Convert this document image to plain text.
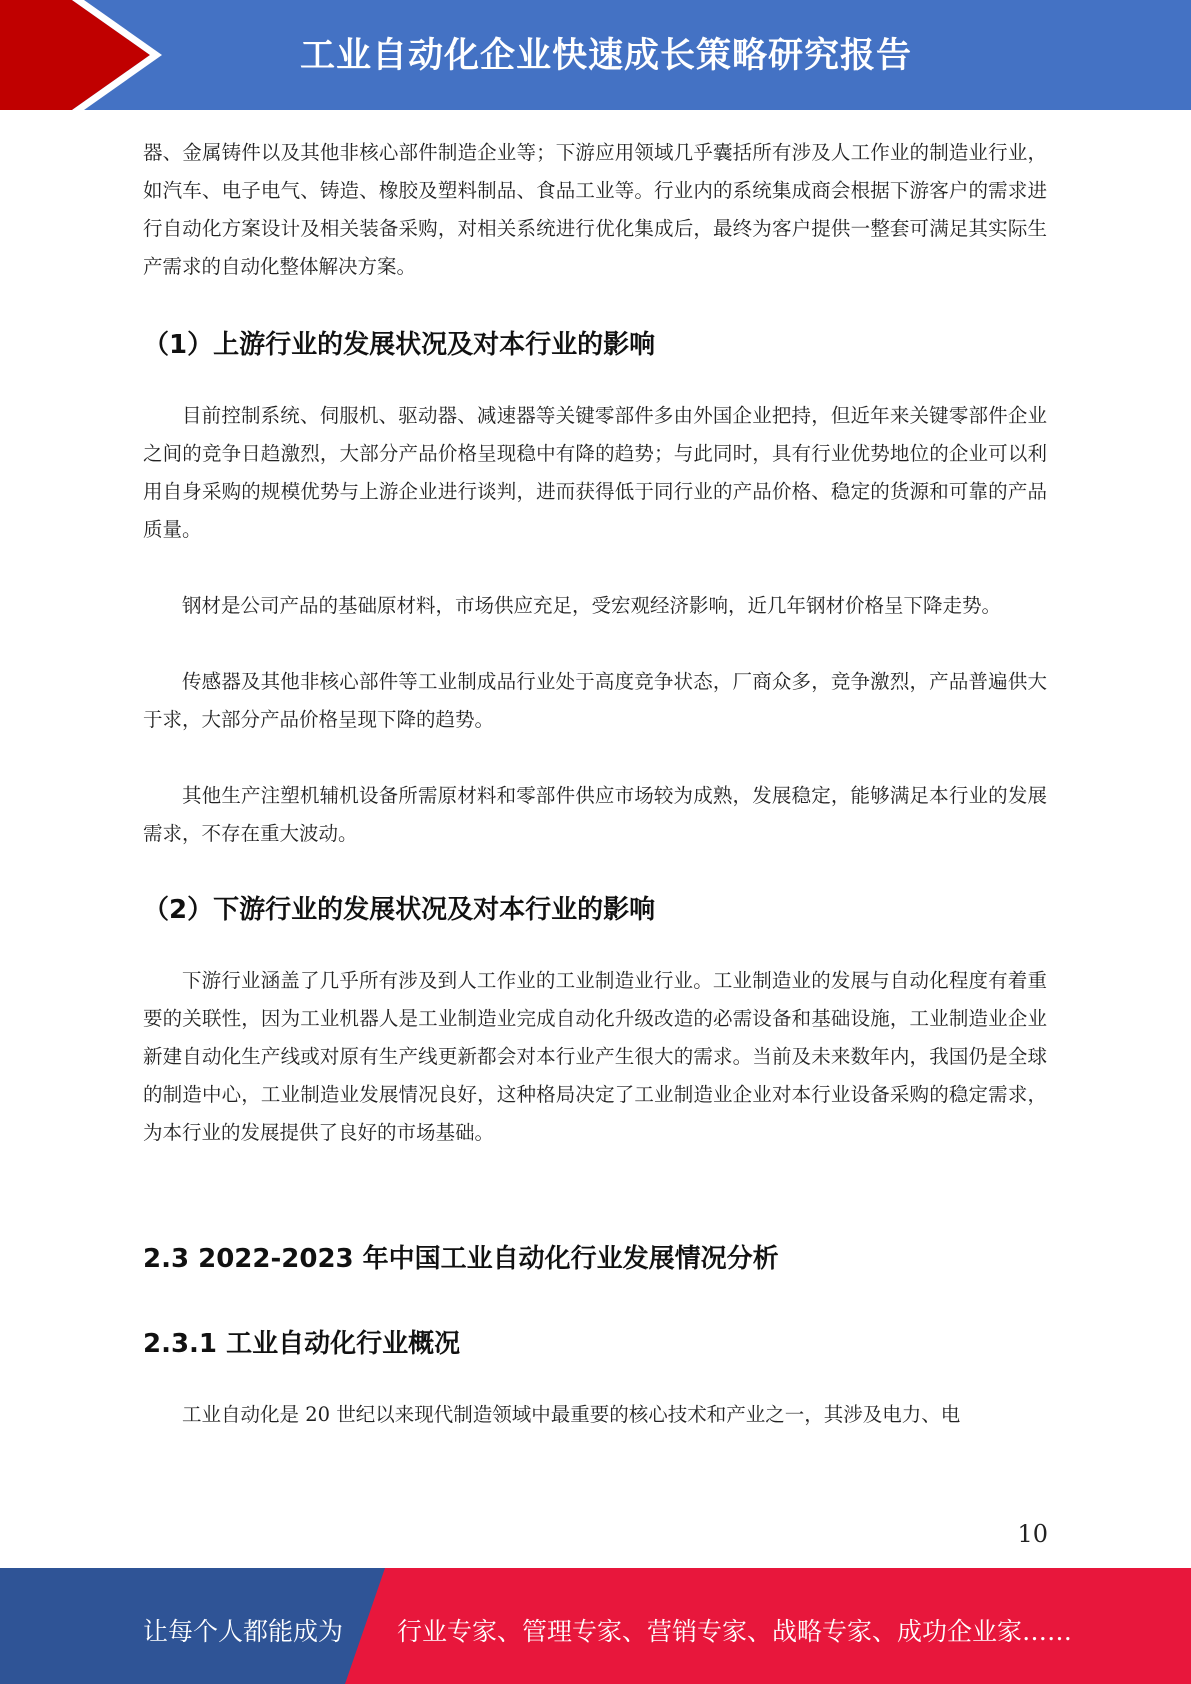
工业自动化企业快速成长策略研究报告

器、金属铸件以及其他非核心部件制造企业等；下游应用领域几乎囊括所有涉及人工作业的制造业行业，如汽车、电子电气、铸造、橡胶及塑料制品、食品工业等。行业内的系统集成商会根据下游客户的需求进行自动化方案设计及相关装备采购，对相关系统进行优化集成后，最终为客户提供一整套可满足其实际生产需求的自动化整体解决方案。

（1）上游行业的发展状况及对本行业的影响

目前控制系统、伺服机、驱动器、减速器等关键零部件多由外国企业把持，但近年来关键零部件企业之间的竞争日趋激烈，大部分产品价格呈现稳中有降的趋势；与此同时，具有行业优势地位的企业可以利用自身采购的规模优势与上游企业进行谈判，进而获得低于同行业的产品价格、稳定的货源和可靠的产品质量。

钢材是公司产品的基础原材料，市场供应充足，受宏观经济影响，近几年钢材价格呈下降走势。

传感器及其他非核心部件等工业制成品行业处于高度竞争状态，厂商众多，竞争激烈，产品普遍供大于求，大部分产品价格呈现下降的趋势。

其他生产注塑机辅机设备所需原材料和零部件供应市场较为成熟，发展稳定，能够满足本行业的发展需求，不存在重大波动。

（2）下游行业的发展状况及对本行业的影响

下游行业涵盖了几乎所有涉及到人工作业的工业制造业行业。工业制造业的发展与自动化程度有着重要的关联性，因为工业机器人是工业制造业完成自动化升级改造的必需设备和基础设施，工业制造业企业新建自动化生产线或对原有生产线更新都会对本行业产生很大的需求。当前及未来数年内，我国仍是全球的制造中心，工业制造业发展情况良好，这种格局决定了工业制造业企业对本行业设备采购的稳定需求，为本行业的发展提供了良好的市场基础。

2.3 2022-2023 年中国工业自动化行业发展情况分析
2.3.1 工业自动化行业概况

工业自动化是 20 世纪以来现代制造领域中最重要的核心技术和产业之一，其涉及电力、电

10
让每个人都能成为 行业专家、管理专家、营销专家、战略专家、成功企业家……
